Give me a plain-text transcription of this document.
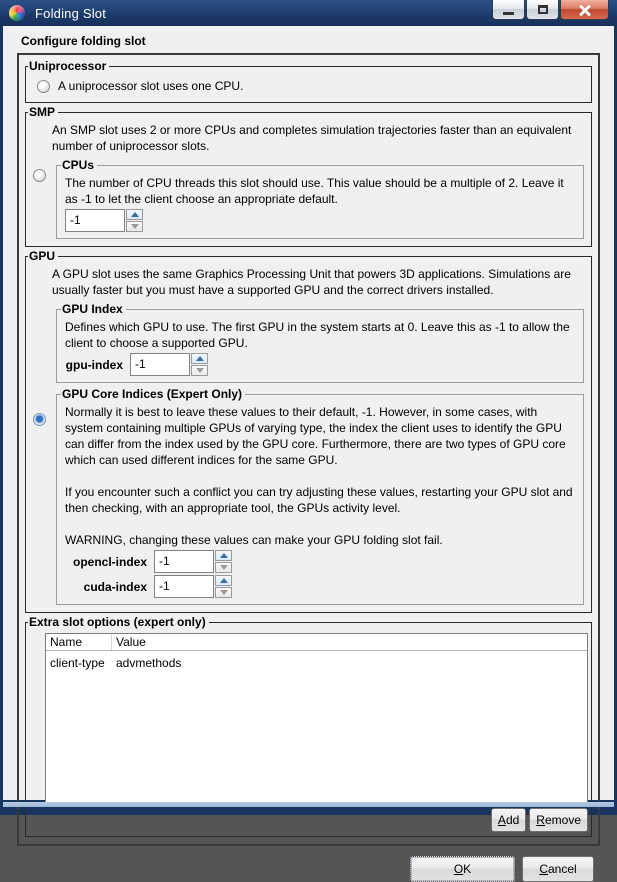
Folding Slot
Configure folding slot
Uniprocessor
A uniprocessor slot uses one CPU.
SMP
An SMP slot uses 2 or more CPUs and completes simulation trajectories faster than an equivalent number of uniprocessor slots.
CPUs
The number of CPU threads this slot should use. This value should be a multiple of 2. Leave it as -1 to let the client choose an appropriate default.
-1
GPU
A GPU slot uses the same Graphics Processing Unit that powers 3D applications. Simulations are usually faster but you must have a supported GPU and the correct drivers installed.
GPU Index
Defines which GPU to use. The first GPU in the system starts at 0. Leave this as -1 to allow the client to choose a supported GPU.
gpu-index	-1
GPU Core Indices (Expert Only)
Normally it is best to leave these values to their default, -1. However, in some cases, with system containing multiple GPUs of varying type, the index the client uses to identify the GPU can differ from the index used by the GPU core. Furthermore, there are two types of GPU core which can used different indices for the same GPU.
If you encounter such a conflict you can try adjusting these values, restarting your GPU slot and then checking, with an appropriate tool, the GPUs activity level.
WARNING, changing these values can make your GPU folding slot fail.
opencl-index	-1
cuda-index	-1
Extra slot options (expert only)
Name	Value
client-type advmethods
A dd	R emove
O K	C ancel
